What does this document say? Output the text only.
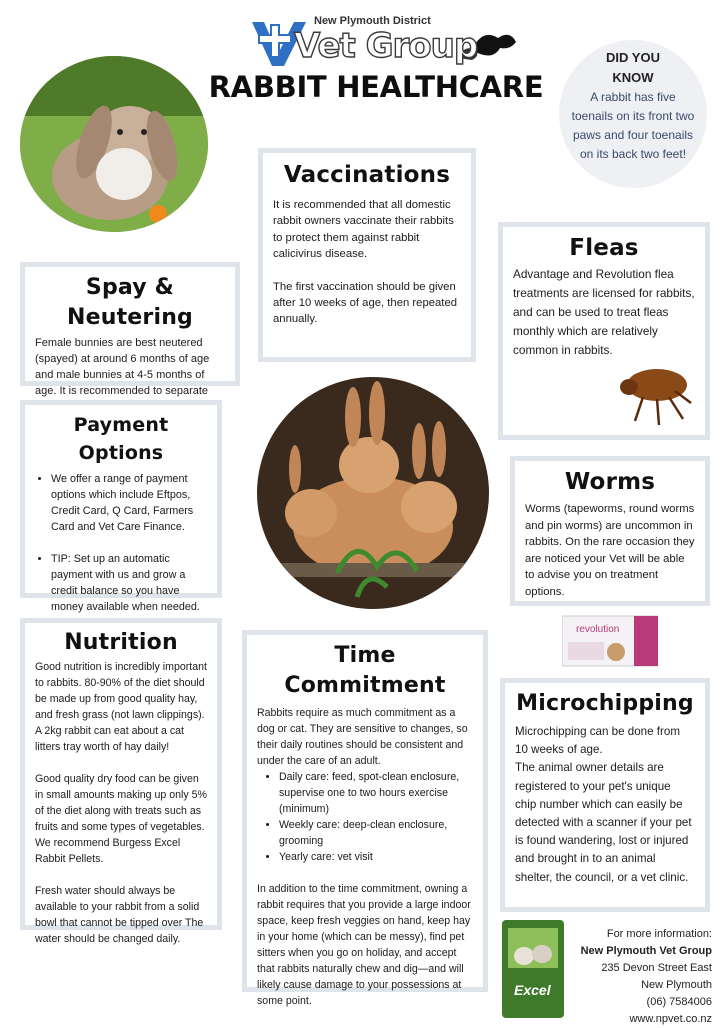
New Plymouth District
Vet Group
RABBIT HEALTHCARE
DID YOU
KNOW
A rabbit has five toenails on its front two paws and four toenails on its back two feet!
Vaccinations

It is recommended that all domestic rabbit owners vaccinate their rabbits to protect them against rabbit calicivirus disease.

The first vaccination should be given after 10 weeks of age, then repeated annually.

Fleas

Advantage and Revolution flea treatments are licensed for rabbits, and can be used to treat fleas monthly which are relatively common in rabbits.

Spay & Neutering

Female bunnies are best neutered (spayed) at around 6 months of age and male bunnies at 4-5 months of age. It is recommended to separate

Payment Options
• We offer a range of payment options which include Eftpos, Credit Card, Q Card, Farmers Card and Vet Care Finance.
• TIP: Set up an automatic payment with us and grow a credit balance so you have money available when needed.
Worms

Worms (tapeworms, round worms and pin worms) are uncommon in rabbits. On the rare occasion they are noticed your Vet will be able to advise you on treatment options.

revolution
Nutrition

Good nutrition is incredibly important to rabbits. 80-90% of the diet should be made up from good quality hay, and fresh grass (not lawn clippings). A 2kg rabbit can eat about a cat litters tray worth of hay daily!

Good quality dry food can be given in small amounts making up only 5% of the diet along with treats such as fruits and some types of vegetables. We recommend Burgess Excel Rabbit Pellets.

Fresh water should always be available to your rabbit from a solid bowl that cannot be tipped over The water should be changed daily.

Time Commitment

Rabbits require as much commitment as a dog or cat. They are sensitive to changes, so their daily routines should be consistent and under the care of an adult.

• Daily care: feed, spot-clean enclosure, supervise one to two hours exercise (minimum)
• Weekly care: deep-clean enclosure, grooming
• Yearly care: vet visit

In addition to the time commitment, owning a rabbit requires that you provide a large indoor space, keep fresh veggies on hand, keep hay in your home (which can be messy), find pet sitters when you go on holiday, and accept that rabbits naturally chew and dig—and will likely cause damage to your possessions at some point.

Microchipping

Microchipping can be done from 10 weeks of age.

The animal owner details are registered to your pet's unique chip number which can easily be detected with a scanner if your pet is found wandering, lost or injured and brought in to an animal shelter, the council, or a vet clinic.

Excel
For more information:
New Plymouth Vet Group
235 Devon Street East
New Plymouth
(06) 7584006
www.npvet.co.nz
